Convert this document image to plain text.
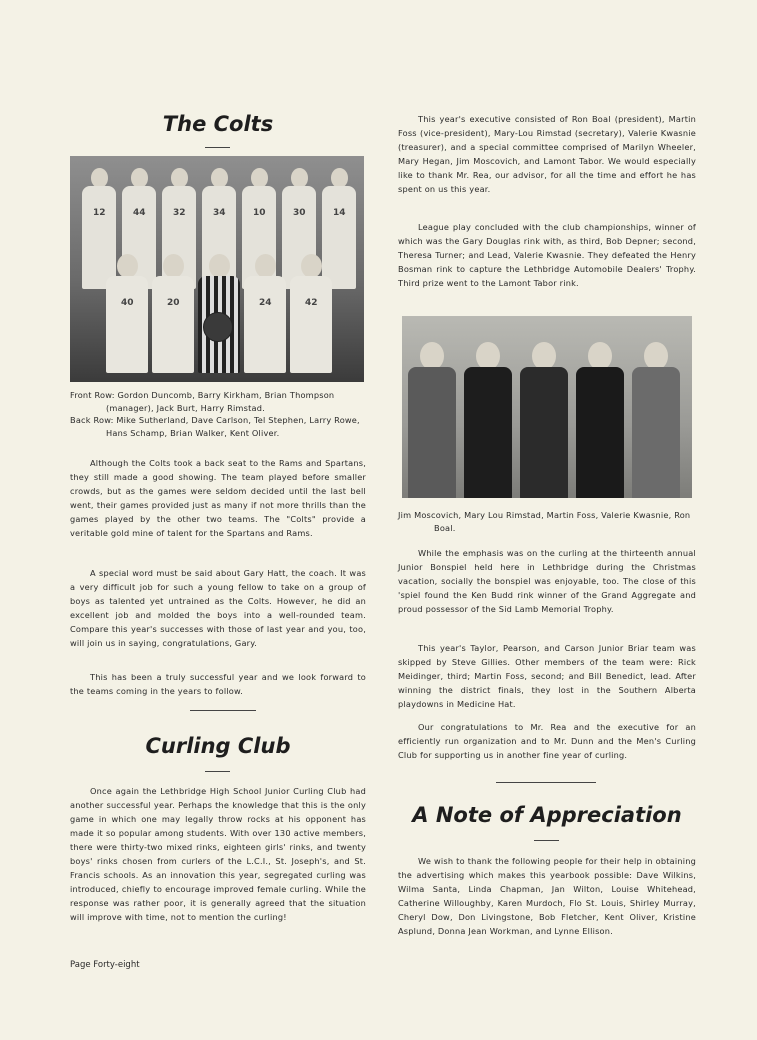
The Colts
12	44	32	34	10	30	14
40	20	24	42

Front Row: Gordon Duncomb, Barry Kirkham, Brian Thompson (manager), Jack Burt, Harry Rimstad.

Back Row: Mike Sutherland, Dave Carlson, Tel Stephen, Larry Rowe, Hans Schamp, Brian Walker, Kent Oliver.

Although the Colts took a back seat to the Rams and Spartans, they still made a good showing. The team played before smaller crowds, but as the games were seldom decided until the last bell went, their games provided just as many if not more thrills than the games played by the other two teams. The "Colts" provide a veritable gold mine of talent for the Spartans and Rams.

A special word must be said about Gary Hatt, the coach. It was a very difficult job for such a young fellow to take on a group of boys as talented yet untrained as the Colts. However, he did an excellent job and molded the boys into a well-rounded team. Compare this year's successes with those of last year and you, too, will join us in saying, congratulations, Gary.

This has been a truly successful year and we look forward to the teams coming in the years to follow.

Curling Club

Once again the Lethbridge High School Junior Curling Club had another successful year. Perhaps the knowledge that this is the only game in which one may legally throw rocks at his opponent has made it so popular among students. With over 130 active members, there were thirty-two mixed rinks, eighteen girls' rinks, and twenty boys' rinks chosen from curlers of the L.C.I., St. Joseph's, and St. Francis schools. As an innovation this year, segregated curling was introduced, chiefly to encourage improved female curling. While the response was rather poor, it is generally agreed that the situation will improve with time, not to mention the curling!

Page Forty-eight

This year's executive consisted of Ron Boal (president), Martin Foss (vice-president), Mary-Lou Rimstad (secretary), Valerie Kwasnie (treasurer), and a special committee comprised of Marilyn Wheeler, Mary Hegan, Jim Moscovich, and Lamont Tabor. We would especially like to thank Mr. Rea, our advisor, for all the time and effort he has spent on us this year.

League play concluded with the club championships, winner of which was the Gary Douglas rink with, as third, Bob Depner; second, Theresa Turner; and Lead, Valerie Kwasnie. They defeated the Henry Bosman rink to capture the Lethbridge Automobile Dealers' Trophy. Third prize went to the Lamont Tabor rink.

Jim Moscovich, Mary Lou Rimstad, Martin Foss, Valerie Kwasnie, Ron Boal.

While the emphasis was on the curling at the thirteenth annual Junior Bonspiel held here in Lethbridge during the Christmas vacation, socially the bonspiel was enjoyable, too. The close of this 'spiel found the Ken Budd rink winner of the Grand Aggregate and proud possessor of the Sid Lamb Memorial Trophy.

This year's Taylor, Pearson, and Carson Junior Briar team was skipped by Steve Gillies. Other members of the team were: Rick Meidinger, third; Martin Foss, second; and Bill Benedict, lead. After winning the district finals, they lost in the Southern Alberta playdowns in Medicine Hat.

Our congratulations to Mr. Rea and the executive for an efficiently run organization and to Mr. Dunn and the Men's Curling Club for supporting us in another fine year of curling.

A Note of Appreciation

We wish to thank the following people for their help in obtaining the advertising which makes this yearbook possible: Dave Wilkins, Wilma Santa, Linda Chapman, Jan Wilton, Louise Whitehead, Catherine Willoughby, Karen Murdoch, Flo St. Louis, Shirley Murray, Cheryl Dow, Don Livingstone, Bob Fletcher, Kent Oliver, Kristine Asplund, Donna Jean Workman, and Lynne Ellison.
